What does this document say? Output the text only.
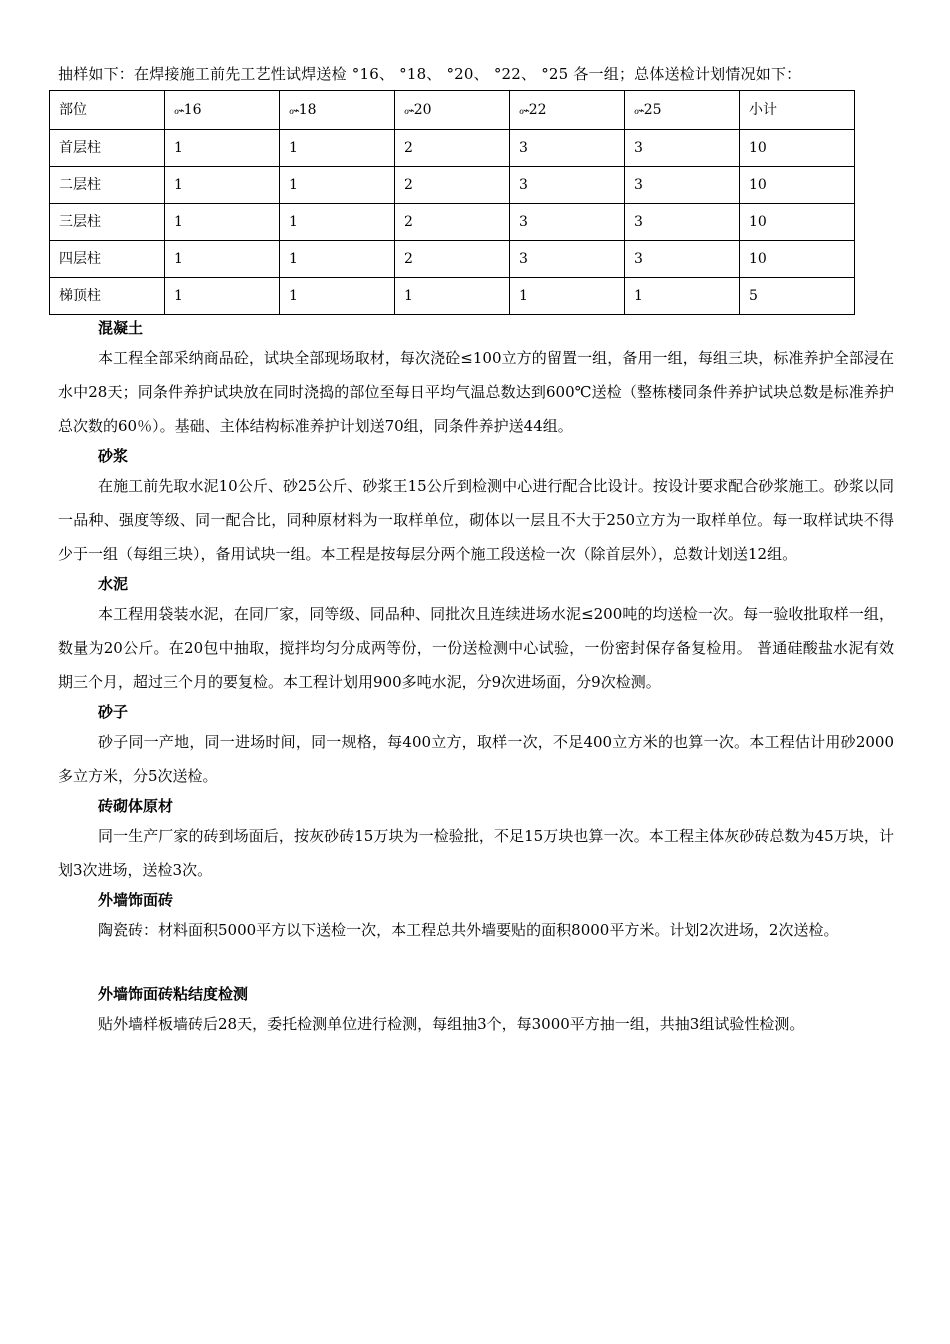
抽样如下：在焊接施工前先工艺性试焊送检 °16、 °18、 °20、 °22、 °25 各一组；总体送检计划情况如下：

部位	ℴ⌁16	ℴ⌁18	ℴ⌁20	ℴ⌁22	ℴ⌁25	小计
首层柱	1	1	2	3	3	10
二层柱	1	1	2	3	3	10
三层柱	1	1	2	3	3	10
四层柱	1	1	2	3	3	10
梯顶柱	1	1	1	1	1	5
混凝土

本工程全部采纳商品砼，试块全部现场取材，每次浇砼≤100立方的留置一组，备用一组，每组三块，标准养护全部浸在水中28天；同条件养护试块放在同时浇捣的部位至每日平均气温总数达到600℃送检（整栋楼同条件养护试块总数是标准养护总次数的60％）。基础、主体结构标准养护计划送70组，同条件养护送44组。

砂浆

在施工前先取水泥10公斤、砂25公斤、砂浆王15公斤到检测中心进行配合比设计。按设计要求配合砂浆施工。砂浆以同一品种、强度等级、同一配合比，同种原材料为一取样单位，砌体以一层且不大于250立方为一取样单位。每一取样试块不得少于一组（每组三块），备用试块一组。本工程是按每层分两个施工段送检一次（除首层外），总数计划送12组。

水泥

本工程用袋装水泥，在同厂家，同等级、同品种、同批次且连续进场水泥≤200吨的均送检一次。每一验收批取样一组，数量为20公斤。在20包中抽取，搅拌均匀分成两等份，一份送检测中心试验，一份密封保存备复检用。 普通硅酸盐水泥有效期三个月，超过三个月的要复检。本工程计划用900多吨水泥，分9次进场面，分9次检测。

砂子

砂子同一产地，同一进场时间，同一规格，每400立方，取样一次，不足400立方米的也算一次。本工程估计用砂2000多立方米，分5次送检。

砖砌体原材

同一生产厂家的砖到场面后，按灰砂砖15万块为一检验批，不足15万块也算一次。本工程主体灰砂砖总数为45万块，计划3次进场，送检3次。

外墙饰面砖

陶瓷砖：材料面积5000平方以下送检一次，本工程总共外墙要贴的面积8000平方米。计划2次进场，2次送检。

外墙饰面砖粘结度检测

贴外墙样板墙砖后28天，委托检测单位进行检测，每组抽3个，每3000平方抽一组，共抽3组试验性检测。
